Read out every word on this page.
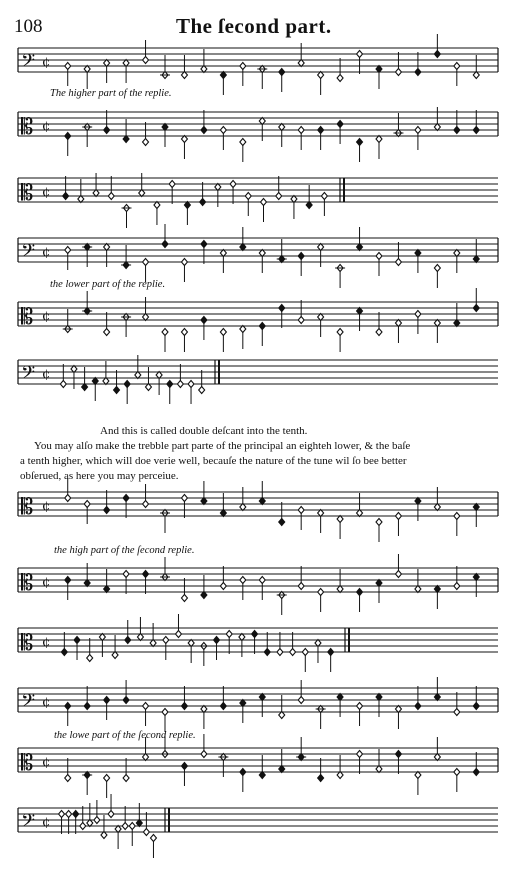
108	The ſecond part.
𝄢 ¢
𝄡 ¢
𝄡 ¢
𝄢 ¢
𝄡 ¢
𝄢 ¢
𝄡 ¢
𝄡 ¢
𝄡 ¢
𝄢 ¢
𝄡 ¢
𝄢 ¢
The higher part of the replie.
the lower part of the replie.
And this is called double deſcant into the tenth.
You may alſo make the trebble part parte of the principal an eighteh lower, & the baſe
a tenth higher, which will doe verie well, becauſe the nature of the tune wil ſo bee better
obſerued, as here you may perceiue.
the high part of the ſecond replie.
the lowe part of the ſecond replie.
